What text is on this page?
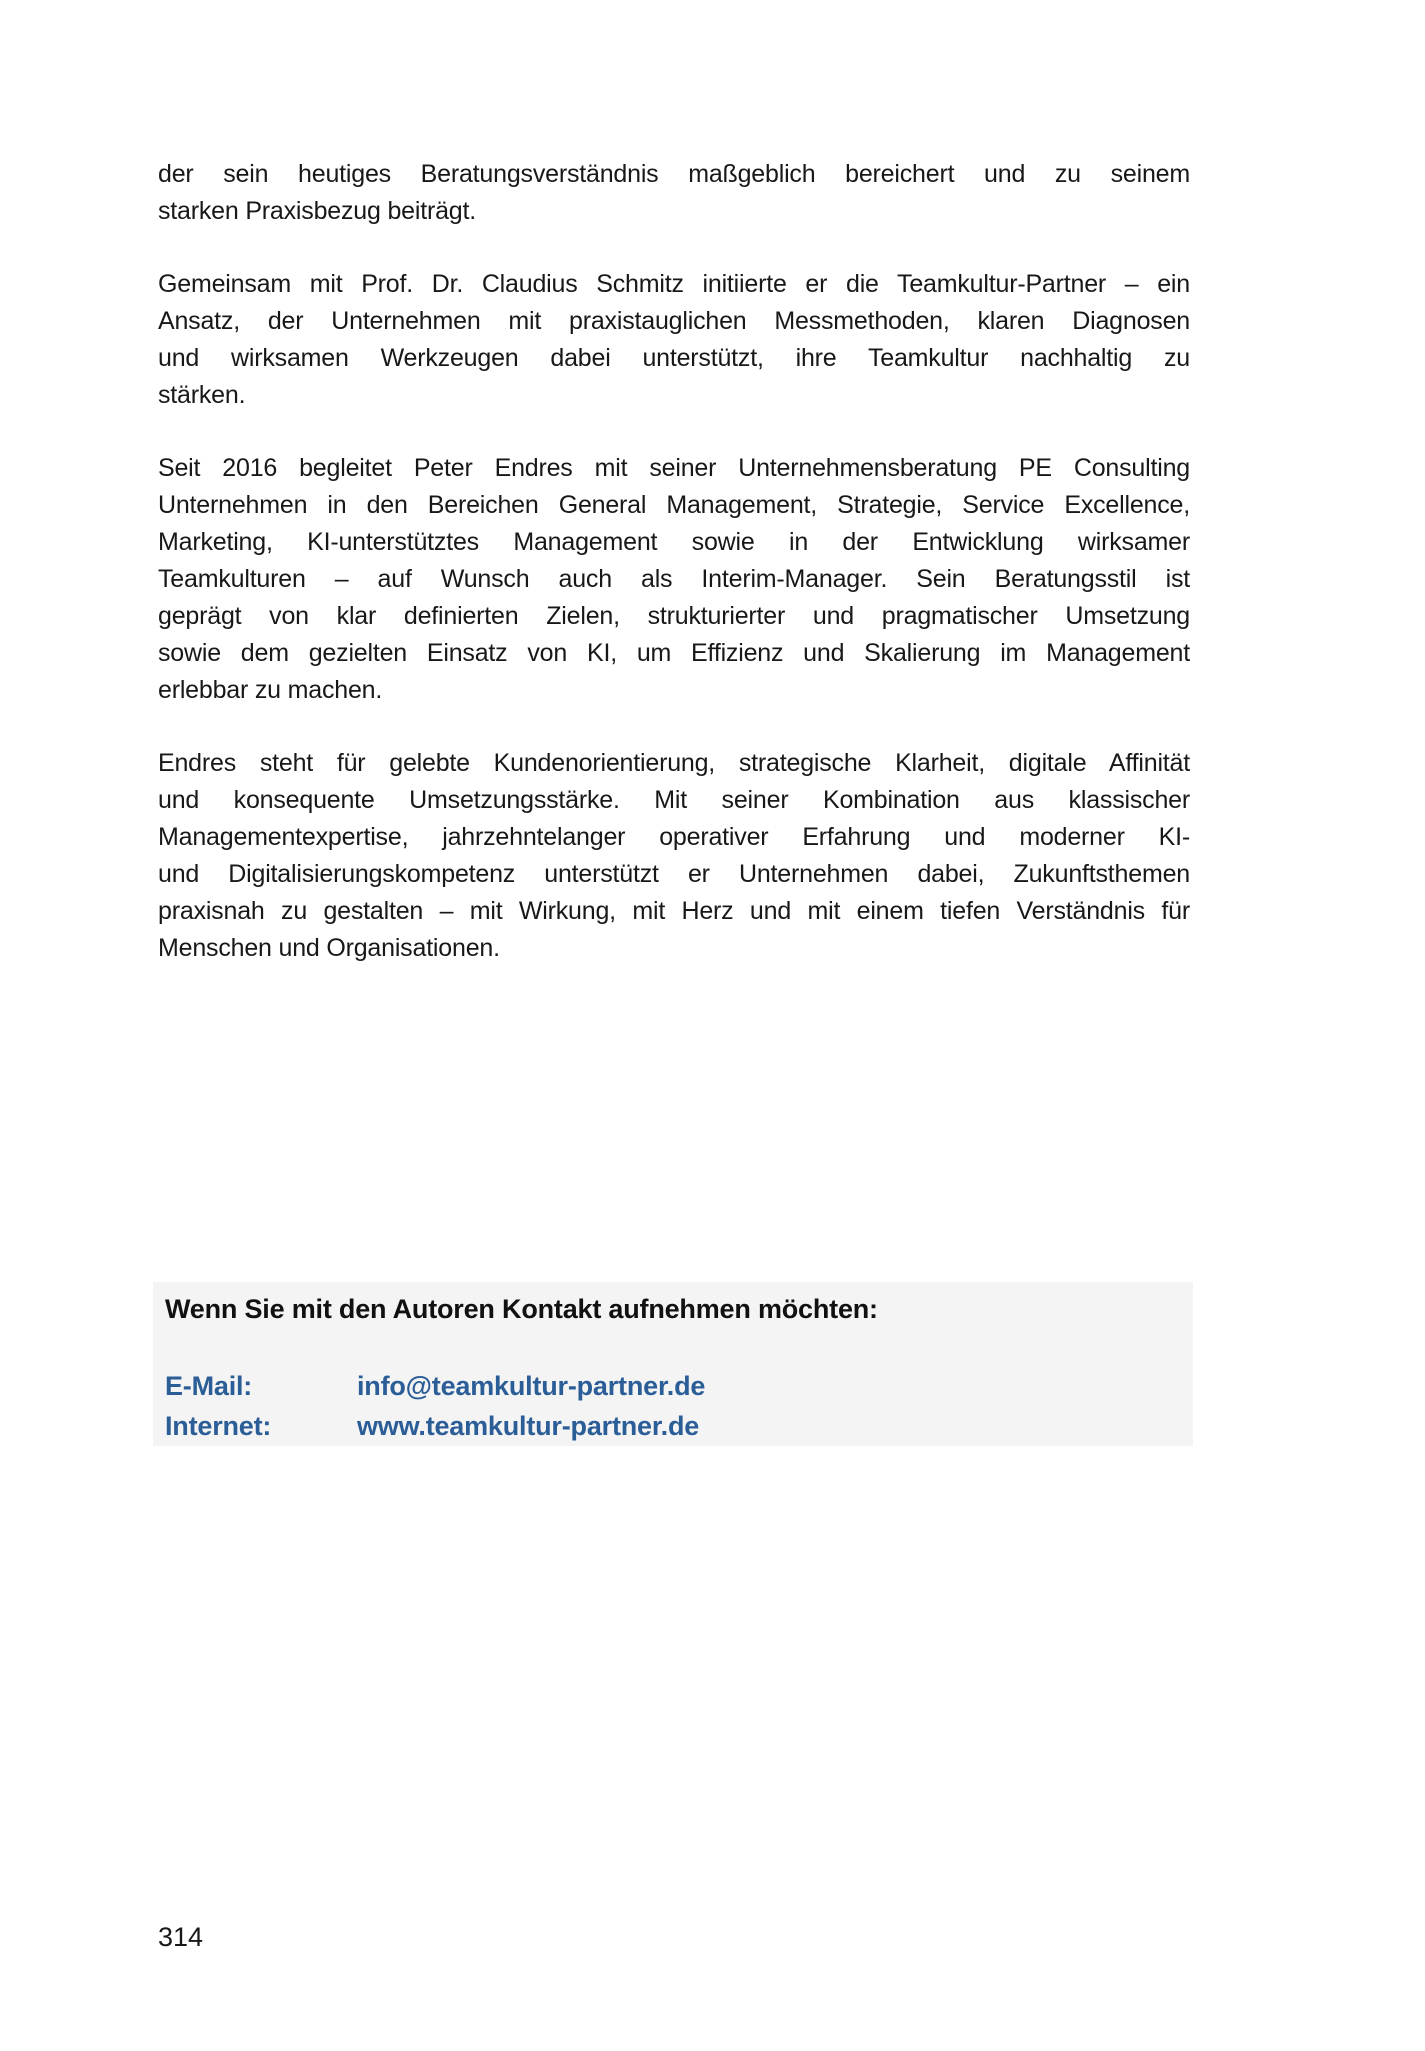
der sein heutiges Beratungsverständnis maßgeblich bereichert und zu seinem
starken Praxisbezug beiträgt.
Gemeinsam mit Prof. Dr. Claudius Schmitz initiierte er die Teamkultur-Partner – ein
Ansatz, der Unternehmen mit praxistauglichen Messmethoden, klaren Diagnosen
und wirksamen Werkzeugen dabei unterstützt, ihre Teamkultur nachhaltig zu
stärken.
Seit 2016 begleitet Peter Endres mit seiner Unternehmensberatung PE Consulting
Unternehmen in den Bereichen General Management, Strategie, Service Excellence,
Marketing, KI-unterstütztes Management sowie in der Entwicklung wirksamer
Teamkulturen – auf Wunsch auch als Interim-Manager. Sein Beratungsstil ist
geprägt von klar definierten Zielen, strukturierter und pragmatischer Umsetzung
sowie dem gezielten Einsatz von KI, um Effizienz und Skalierung im Management
erlebbar zu machen.
Endres steht für gelebte Kundenorientierung, strategische Klarheit, digitale Affinität
und konsequente Umsetzungsstärke. Mit seiner Kombination aus klassischer
Managementexpertise, jahrzehntelanger operativer Erfahrung und moderner KI-
und Digitalisierungskompetenz unterstützt er Unternehmen dabei, Zukunftsthemen
praxisnah zu gestalten – mit Wirkung, mit Herz und mit einem tiefen Verständnis für
Menschen und Organisationen.
Wenn Sie mit den Autoren Kontakt aufnehmen möchten:
E-Mail:	info@teamkultur-partner.de
Internet:	www.teamkultur-partner.de
314
